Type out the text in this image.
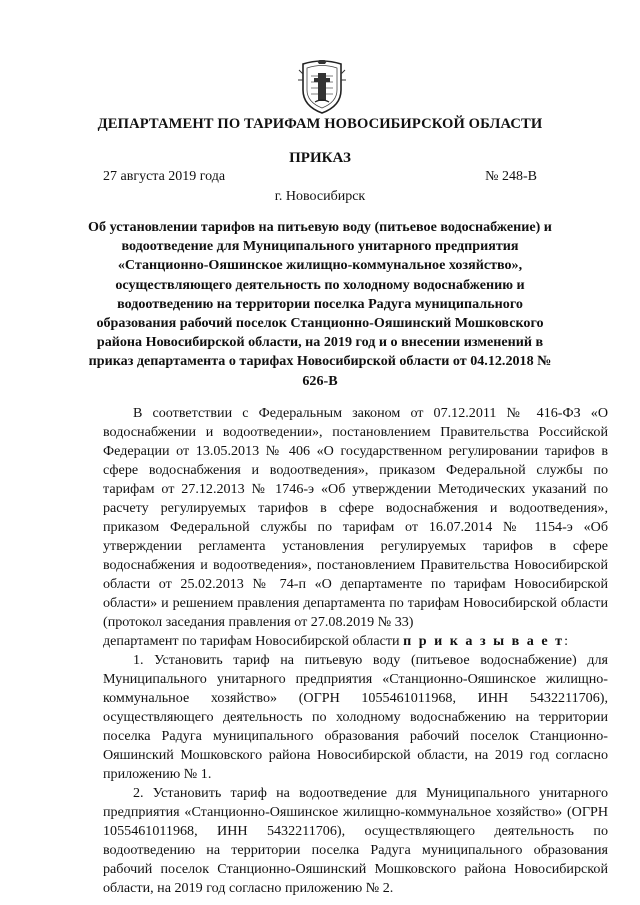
ДЕПАРТАМЕНТ ПО ТАРИФАМ НОВОСИБИРСКОЙ ОБЛАСТИ
ПРИКАЗ
27 августа 2019 года	№ 248-В
г. Новосибирск
Об установлении тарифов на питьевую воду (питьевое водоснабжение) и водоотведение для Муниципального унитарного предприятия «Станционно-Ояшинское жилищно-коммунальное хозяйство», осуществляющего деятельность по холодному водоснабжению и водоотведению на территории поселка Радуга муниципального образования рабочий поселок Станционно-Ояшинский Мошковского района Новосибирской области, на 2019 год и о внесении изменений в приказ департамента о тарифах Новосибирской области от 04.12.2018 № 626-В

В соответствии с Федеральным законом от 07.12.2011 № 416-ФЗ «О водоснабжении и водоотведении», постановлением Правительства Российской Федерации от 13.05.2013 № 406 «О государственном регулировании тарифов в сфере водоснабжения и водоотведения», приказом Федеральной службы по тарифам от 27.12.2013 № 1746-э «Об утверждении Методических указаний по расчету регулируемых тарифов в сфере водоснабжения и водоотведения», приказом Федеральной службы по тарифам от 16.07.2014 № 1154-э «Об утверждении регламента установления регулируемых тарифов в сфере водоснабжения и водоотведения», постановлением Правительства Новосибирской области от 25.02.2013 № 74-п «О департаменте по тарифам Новосибирской области» и решением правления департамента по тарифам Новосибирской области (протокол заседания правления от 27.08.2019 № 33)

департамент по тарифам Новосибирской области п р и к а з ы в а е т:

1. Установить тариф на питьевую воду (питьевое водоснабжение) для Муниципального унитарного предприятия «Станционно-Ояшинское жилищно-коммунальное хозяйство» (ОГРН 1055461011968, ИНН 5432211706), осуществляющего деятельность по холодному водоснабжению на территории поселка Радуга муниципального образования рабочий поселок Станционно-Ояшинский Мошковского района Новосибирской области, на 2019 год согласно приложению № 1.

2. Установить тариф на водоотведение для Муниципального унитарного предприятия «Станционно-Ояшинское жилищно-коммунальное хозяйство» (ОГРН 1055461011968, ИНН 5432211706), осуществляющего деятельность по водоотведению на территории поселка Радуга муниципального образования рабочий поселок Станционно-Ояшинский Мошковского района Новосибирской области, на 2019 год согласно приложению № 2.
